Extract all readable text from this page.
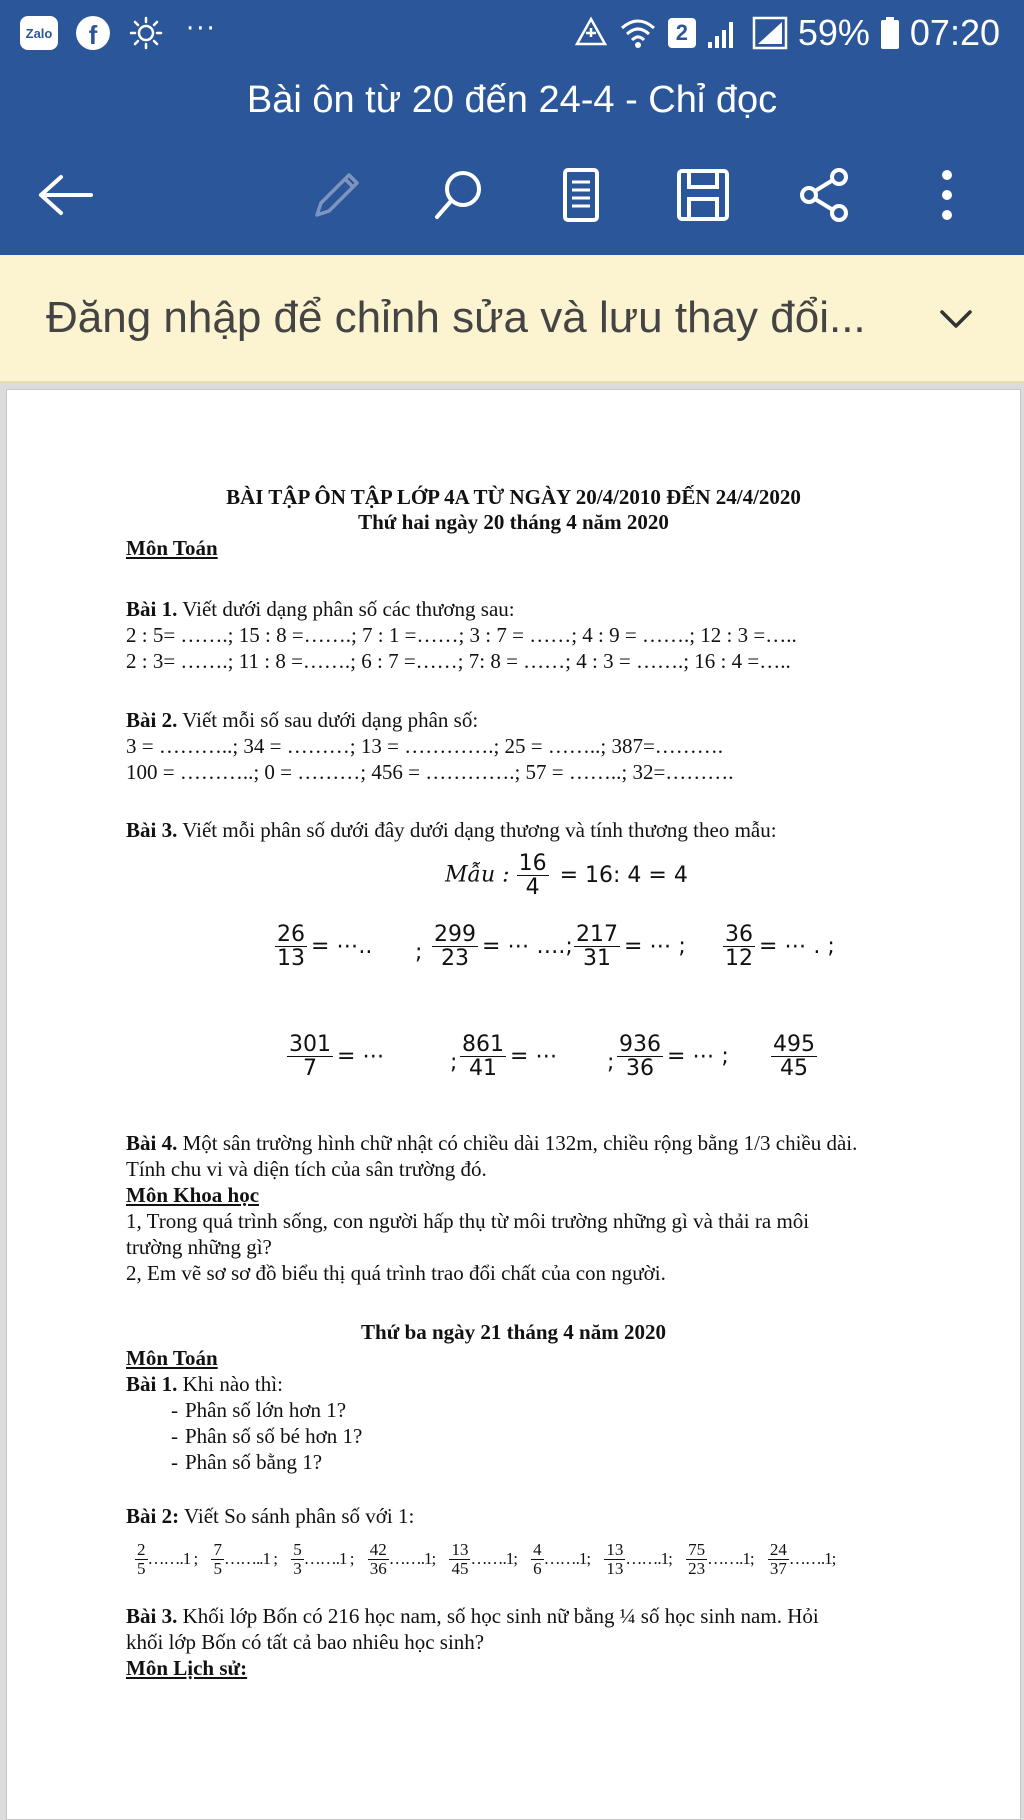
Zalo	f	···	2	59% 07:20
Bài ôn từ 20 đến 24-4 - Chỉ đọc
Đăng nhập để chỉnh sửa và lưu thay đổi...
BÀI TẬP ÔN TẬP LỚP 4A TỪ NGÀY 20/4/2010 ĐẾN 24/4/2020
Thứ hai ngày 20 tháng 4 năm 2020
Môn Toán
Bài 1. Viết dưới dạng phân số các thương sau:
2 : 5= …….; 15 : 8 =…….; 7 : 1 =……; 3 : 7 = ……; 4 : 9 = …….; 12 : 3 =…..
2 : 3= …….; 11 : 8 =…….; 6 : 7 =……; 7: 8 = ……; 4 : 3 = …….; 16 : 4 =…..
Bài 2. Viết mỗi số sau dưới dạng phân số:
3 = ………..; 34 = ………; 13 = ………….; 25 = ……..; 387=……….
100 = ………..; 0 = ………; 456 = ………….; 57 = ……..; 32=……….
Bài 3. Viết mỗi phân số dưới đây dưới dạng thương và tính thương theo mẫu:
Mẫu : $\frac{16}{4} = 16$: 4 = 4
$\frac{26}{13}$ = ⋯.. ; $\frac{299}{23}$ = ⋯ ….; $\frac{217}{31}$ = ⋯ ; $\frac{36}{12}$ = ⋯ . ;
$\frac{301}{7}$ = ⋯	; $\frac{861}{41}$ = ⋯ ; $\frac{936}{36}$ = ⋯ ; $\frac{495}{45}$
Bài 4. Một sân trường hình chữ nhật có chiều dài 132m, chiều rộng bằng 1/3 chiều dài.
Tính chu vi và diện tích của sân trường đó.
Môn Khoa học
1, Trong quá trình sống, con người hấp thụ từ môi trường những gì và thải ra môi
trường những gì?
2, Em vẽ sơ sơ đồ biểu thị quá trình trao đổi chất của con người.
Thứ ba ngày 21 tháng 4 năm 2020
Môn Toán
Bài 1. Khi nào thì:
- Phân số lớn hơn 1?
- Phân số số bé hơn 1?
- Phân số bằng 1?
Bài 2: Viết So sánh phân số với 1:
$\frac{2}{5}$ …….1 ;
$\frac{7}{5}$ ……..1 ;
$\frac{5}{3}$ …….1 ;
$\frac{42}{36}$ …….1;
$\frac{13}{45}$ …….1;
$\frac{4}{6}$ …….1;
$\frac{13}{13}$ …….1;
$\frac{75}{23}$ …….1;
$\frac{24}{37}$ …….1;
Bài 3. Khối lớp Bốn có 216 học nam, số học sinh nữ bằng ¼ số học sinh nam. Hỏi
khối lớp Bốn có tất cả bao nhiêu học sinh?
Môn Lịch sử:
